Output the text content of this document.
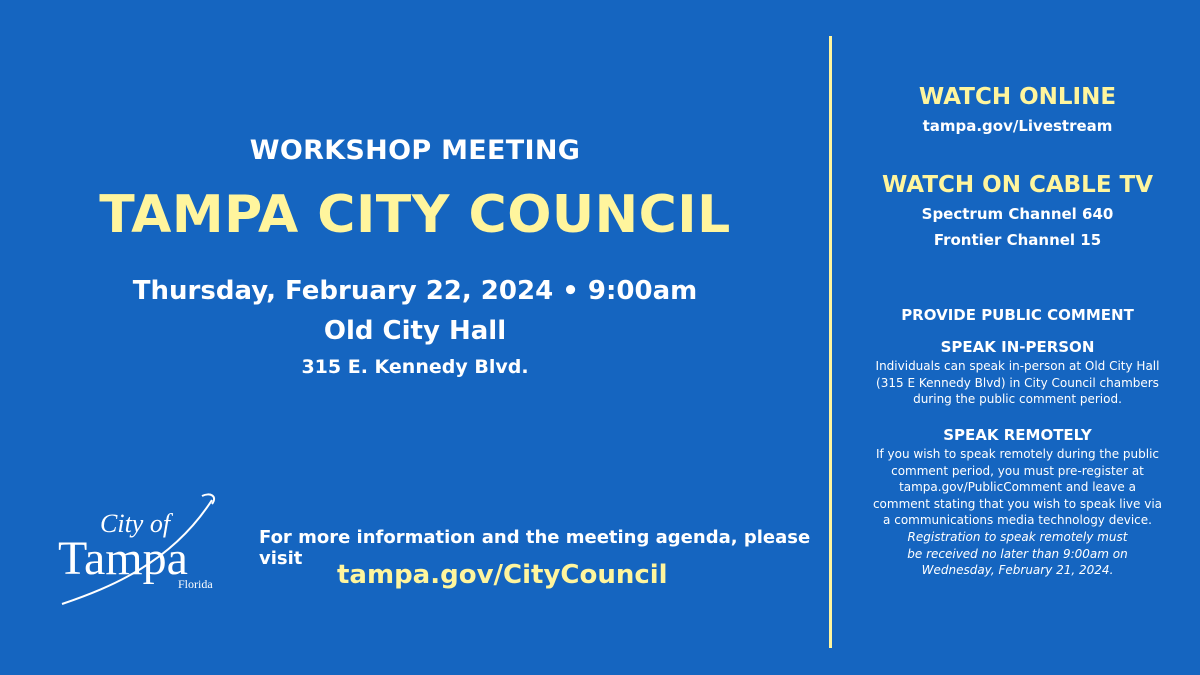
WORKSHOP MEETING
TAMPA CITY COUNCIL
Thursday, February 22, 2024 • 9:00am
Old City Hall
315 E. Kennedy Blvd.
City of
Tampa
Florida
For more information and the meeting agenda, please visit
tampa.gov/CityCouncil
WATCH ONLINE
tampa.gov/Livestream
WATCH ON CABLE TV
Spectrum Channel 640
Frontier Channel 15
PROVIDE PUBLIC COMMENT
SPEAK IN-PERSON
Individuals can speak in-person at Old City Hall
(315 E Kennedy Blvd) in City Council chambers
during the public comment period.
SPEAK REMOTELY
If you wish to speak remotely during the public
comment period, you must pre-register at
tampa.gov/PublicComment and leave a
comment stating that you wish to speak live via
a communications media technology device.
Registration to speak remotely must
be received no later than 9:00am on
Wednesday, February 21, 2024.
